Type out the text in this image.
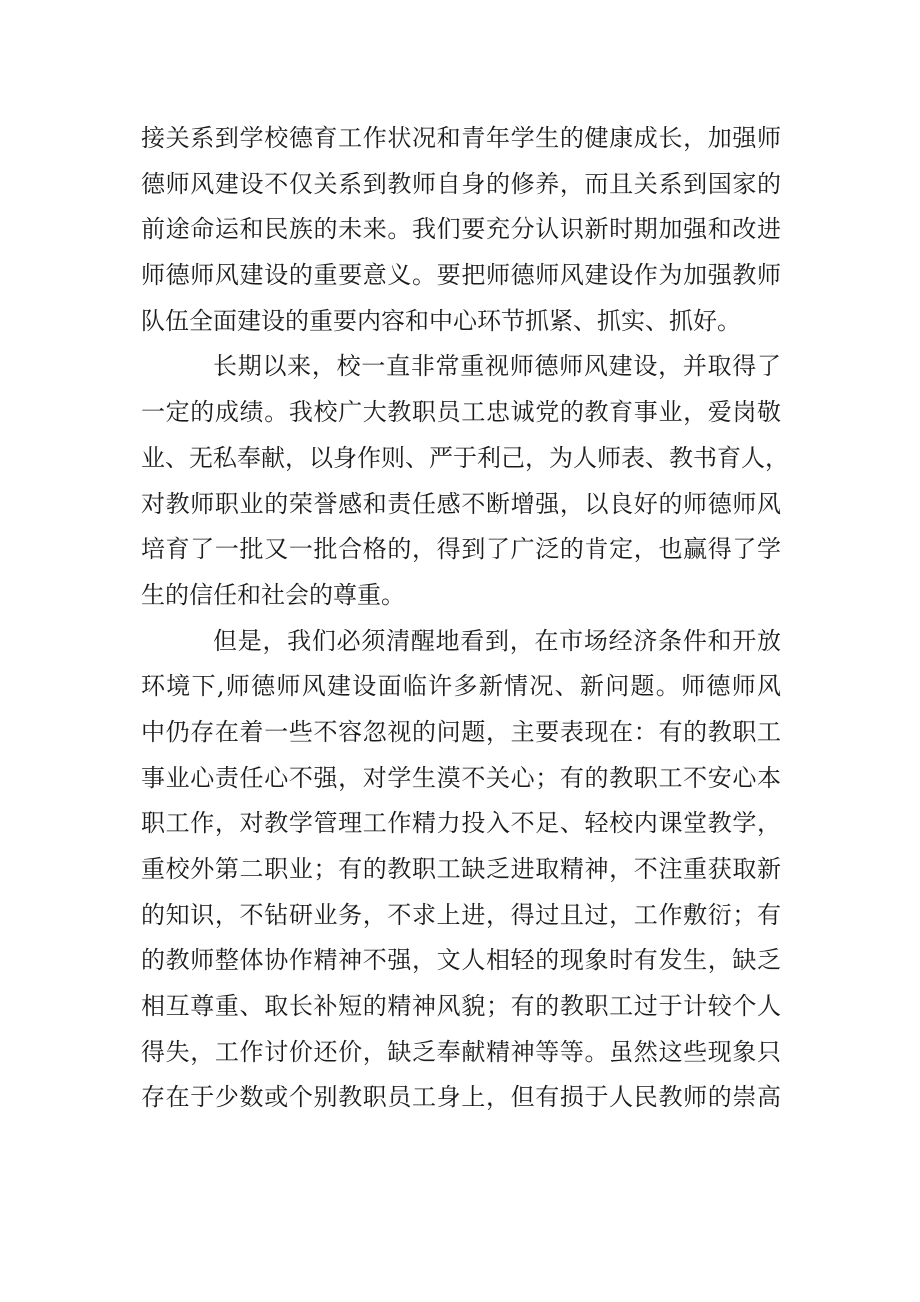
接关系到学校德育工作状况和青年学生的健康成长，加强师
德师风建设不仅关系到教师自身的修养，而且关系到国家的
前途命运和民族的未来。我们要充分认识新时期加强和改进
师德师风建设的重要意义。要把师德师风建设作为加强教师
队伍全面建设的重要内容和中心环节抓紧、抓实、抓好。
长期以来，校一直非常重视师德师风建设，并取得了
一定的成绩。我校广大教职员工忠诚党的教育事业，爱岗敬
业、无私奉献，以身作则、严于利己，为人师表、教书育人，
对教师职业的荣誉感和责任感不断增强，以良好的师德师风
培育了一批又一批合格的，得到了广泛的肯定，也赢得了学
生的信任和社会的尊重。
但是，我们必须清醒地看到，在市场经济条件和开放
环境下,师德师风建设面临许多新情况、新问题。师德师风
中仍存在着一些不容忽视的问题，主要表现在：有的教职工
事业心责任心不强，对学生漠不关心；有的教职工不安心本
职工作，对教学管理工作精力投入不足、轻校内课堂教学，
重校外第二职业；有的教职工缺乏进取精神，不注重获取新
的知识，不钻研业务，不求上进，得过且过，工作敷衍；有
的教师整体协作精神不强，文人相轻的现象时有发生，缺乏
相互尊重、取长补短的精神风貌；有的教职工过于计较个人
得失，工作讨价还价，缺乏奉献精神等等。虽然这些现象只
存在于少数或个别教职员工身上，但有损于人民教师的崇高
